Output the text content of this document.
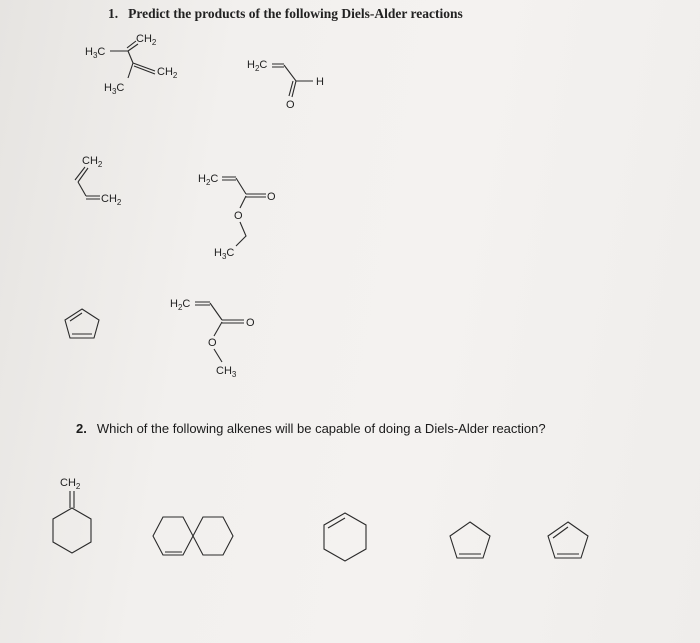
1. Predict the products of the following Diels-Alder reactions
2. Which of the following alkenes will be capable of doing a Diels-Alder reaction?
$CH_2$
$H_3C$
$CH_2$
$H_3C$
$H_2C$
O
H
$CH_2$
$CH_2$
$H_2C$
O
O
$H_3C$
$H_2C$
O
O
$CH_3$
$CH_2$
